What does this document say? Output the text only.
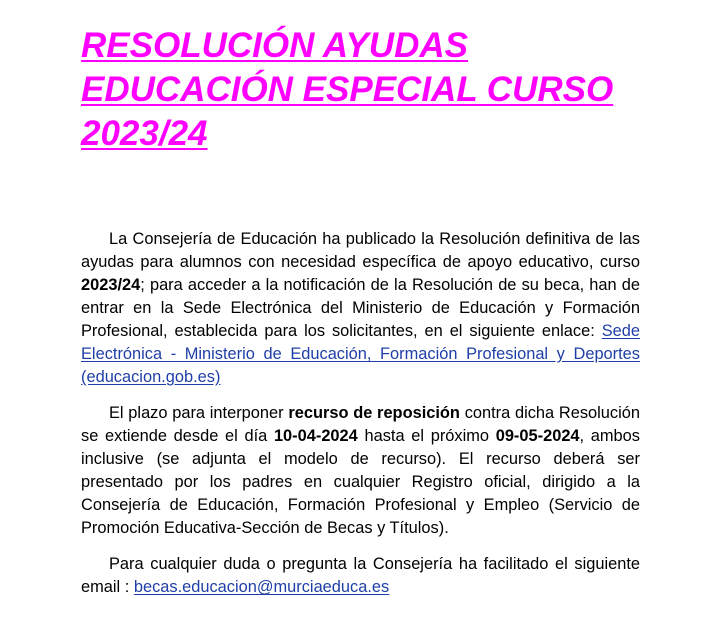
RESOLUCIÓN AYUDAS
EDUCACIÓN ESPECIAL CURSO
2023/24

La Consejería de Educación ha publicado la Resolución definitiva de las ayudas para alumnos con necesidad específica de apoyo educativo, curso 2023/24; para acceder a la notificación de la Resolución de su beca, han de entrar en la Sede Electrónica del Ministerio de Educación y Formación Profesional, establecida para los solicitantes, en el siguiente enlace: Sede Electrónica - Ministerio de Educación, Formación Profesional y Deportes (educacion.gob.es)

El plazo para interponer recurso de reposición contra dicha Resolución se extiende desde el día 10-04-2024 hasta el próximo 09-05-2024, ambos inclusive (se adjunta el modelo de recurso). El recurso deberá ser presentado por los padres en cualquier Registro oficial, dirigido a la Consejería de Educación, Formación Profesional y Empleo (Servicio de Promoción Educativa-Sección de Becas y Títulos).

Para cualquier duda o pregunta la Consejería ha facilitado el siguiente email : becas.educacion@murciaeduca.es
